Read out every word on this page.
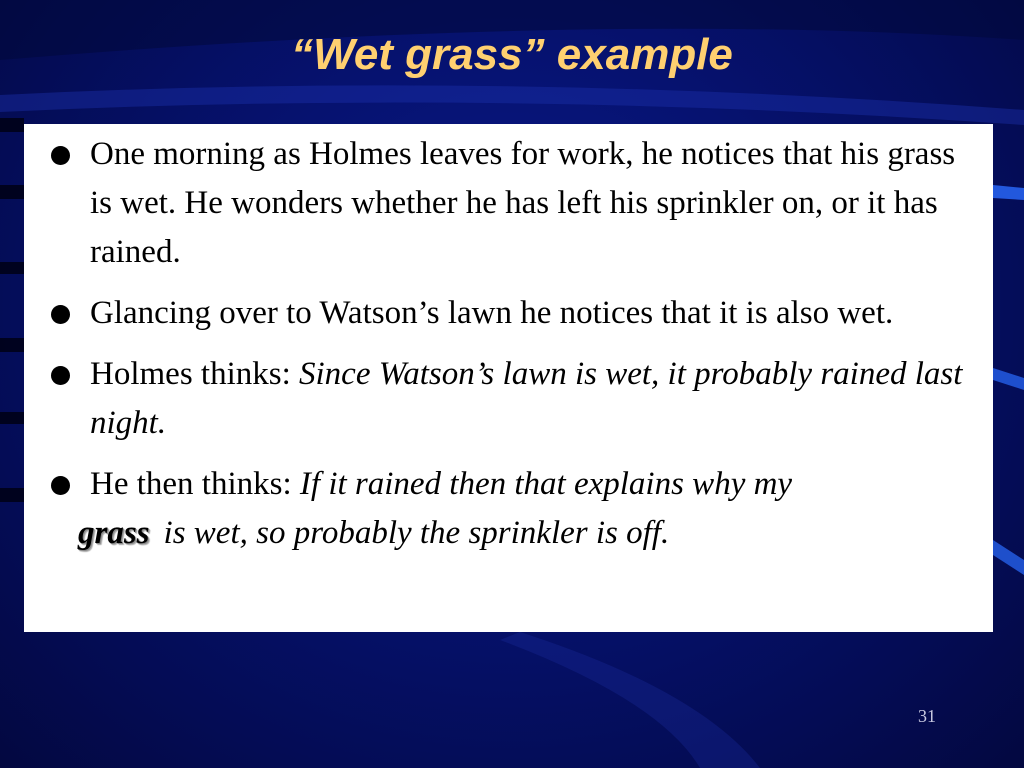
“Wet grass” example
One morning as Holmes leaves for work, he notices that his grass is wet. He wonders whether he has left his sprinkler on, or it has rained.
Glancing over to Watson’s lawn he notices that it is also wet.
Holmes thinks: Since Watson’s lawn is wet, it probably rained last night.
He then thinks: If it rained then that explains why my
grass is wet, so probably the sprinkler is off.
31
